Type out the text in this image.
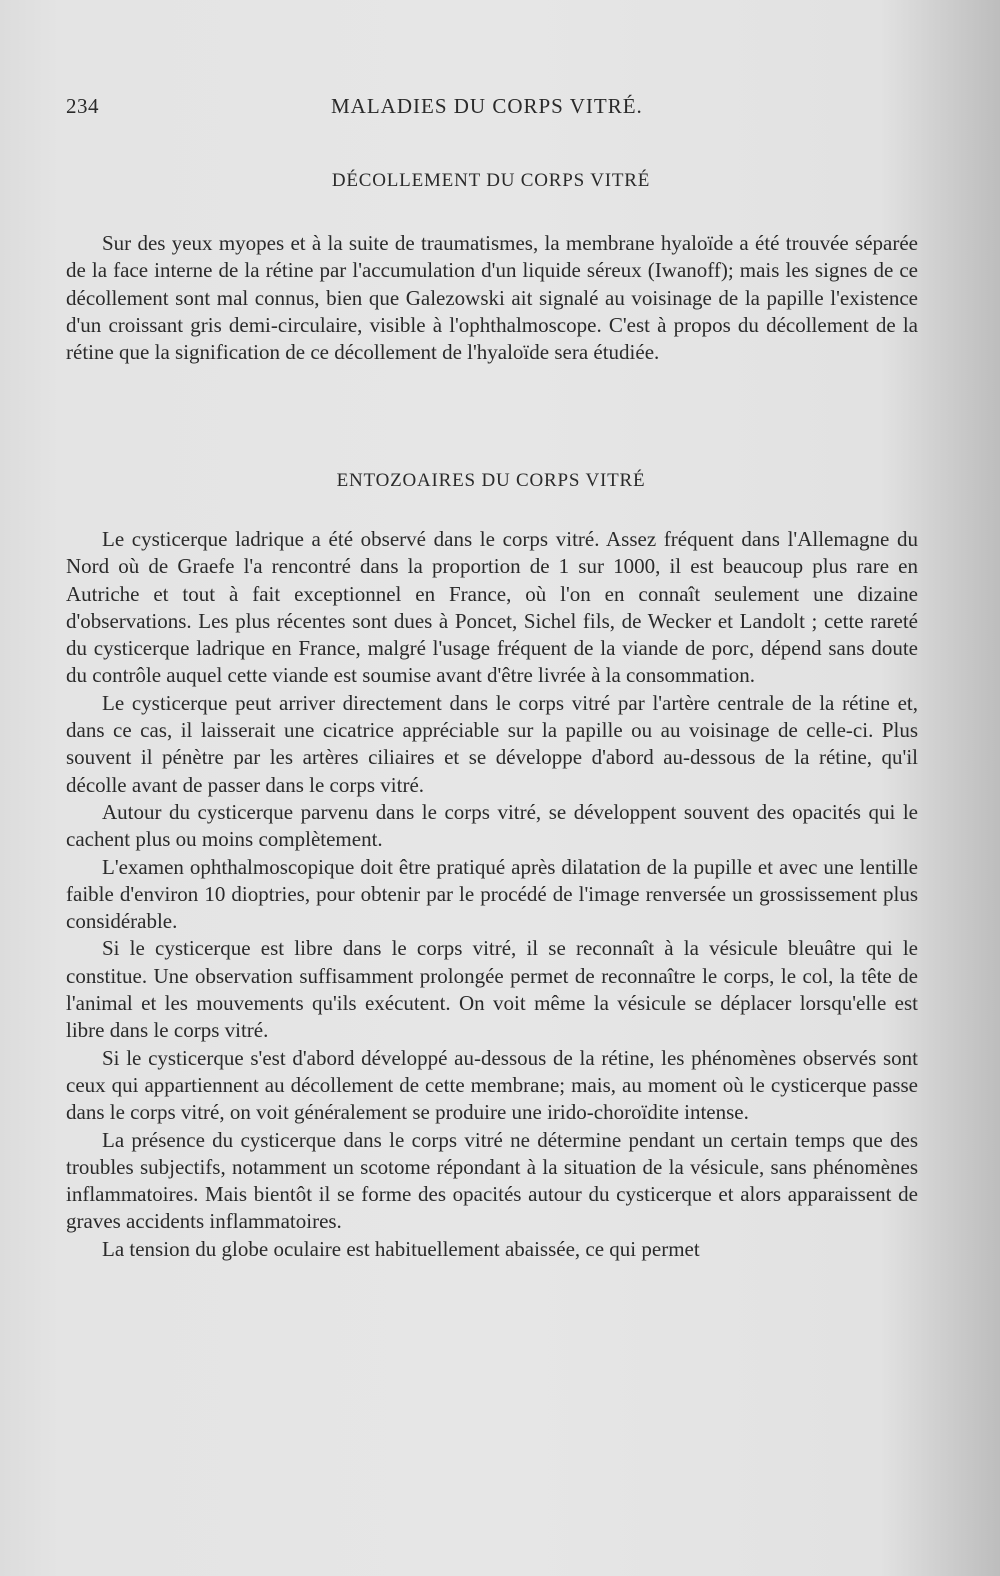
234	MALADIES DU CORPS VITRÉ.
DÉCOLLEMENT DU CORPS VITRÉ

Sur des yeux myopes et à la suite de traumatismes, la membrane hyaloïde a été trouvée séparée de la face interne de la rétine par l'accumulation d'un liquide séreux (Iwanoff); mais les signes de ce décollement sont mal connus, bien que Galezowski ait signalé au voisinage de la papille l'existence d'un croissant gris demi-circulaire, visible à l'ophthalmoscope. C'est à propos du décollement de la rétine que la signification de ce décollement de l'hyaloïde sera étudiée.

ENTOZOAIRES DU CORPS VITRÉ

Le cysticerque ladrique a été observé dans le corps vitré. Assez fréquent dans l'Allemagne du Nord où de Graefe l'a rencontré dans la proportion de 1 sur 1000, il est beaucoup plus rare en Autriche et tout à fait exceptionnel en France, où l'on en connaît seulement une dizaine d'observations. Les plus récentes sont dues à Poncet, Sichel fils, de Wecker et Landolt ; cette rareté du cysticerque ladrique en France, malgré l'usage fréquent de la viande de porc, dépend sans doute du contrôle auquel cette viande est soumise avant d'être livrée à la consommation.

Le cysticerque peut arriver directement dans le corps vitré par l'artère centrale de la rétine et, dans ce cas, il laisserait une cicatrice appréciable sur la papille ou au voisinage de celle-ci. Plus souvent il pénètre par les artères ciliaires et se développe d'abord au-dessous de la rétine, qu'il décolle avant de passer dans le corps vitré.

Autour du cysticerque parvenu dans le corps vitré, se développent souvent des opacités qui le cachent plus ou moins complètement.

L'examen ophthalmoscopique doit être pratiqué après dilatation de la pupille et avec une lentille faible d'environ 10 dioptries, pour obtenir par le procédé de l'image renversée un grossissement plus considérable.

Si le cysticerque est libre dans le corps vitré, il se reconnaît à la vésicule bleuâtre qui le constitue. Une observation suffisamment prolongée permet de reconnaître le corps, le col, la tête de l'animal et les mouvements qu'ils exécutent. On voit même la vésicule se déplacer lorsqu'elle est libre dans le corps vitré.

Si le cysticerque s'est d'abord développé au-dessous de la rétine, les phénomènes observés sont ceux qui appartiennent au décollement de cette membrane; mais, au moment où le cysticerque passe dans le corps vitré, on voit généralement se produire une irido-choroïdite intense.

La présence du cysticerque dans le corps vitré ne détermine pendant un certain temps que des troubles subjectifs, notamment un scotome répondant à la situation de la vésicule, sans phénomènes inflammatoires. Mais bientôt il se forme des opacités autour du cysticerque et alors apparaissent de graves accidents inflammatoires.

La tension du globe oculaire est habituellement abaissée, ce qui permet
